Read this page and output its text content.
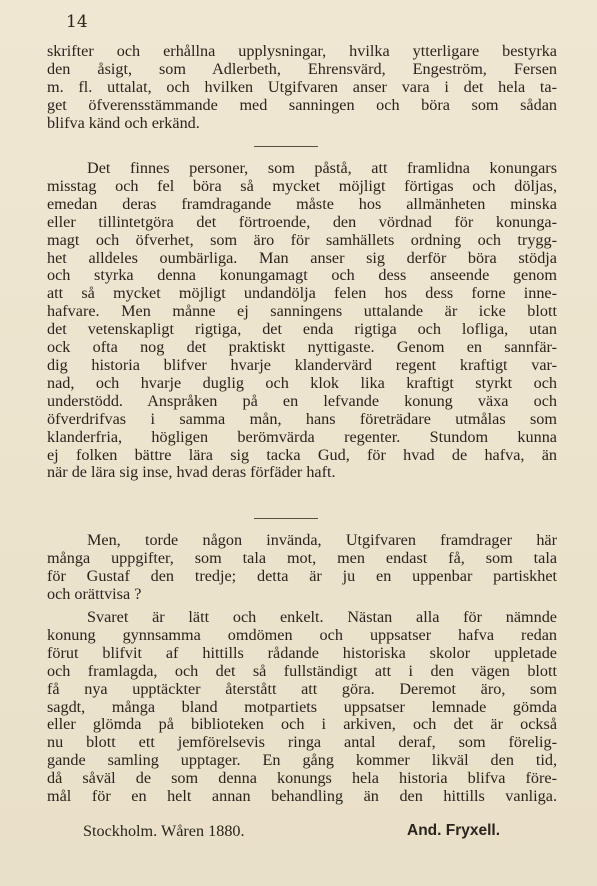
14
skrifter och erhållna upplysningar, hvilka ytterligare bestyrka
den åsigt, som Adlerbeth, Ehrensvärd, Engeström, Fersen
m. fl. uttalat, och hvilken Utgifvaren anser vara i det hela ta-
get öfverensstämmande med sanningen och böra som sådan
blifva känd och erkänd.
Det finnes personer, som påstå, att framlidna konungars
misstag och fel böra så mycket möjligt förtigas och döljas,
emedan deras framdragande måste hos allmänheten minska
eller tillintetgöra det förtroende, den vördnad för konunga-
magt och öfverhet, som äro för samhällets ordning och trygg-
het alldeles oumbärliga. Man anser sig derför böra stödja
och styrka denna konungamagt och dess anseende genom
att så mycket möjligt undandölja felen hos dess forne inne-
hafvare. Men månne ej sanningens uttalande är icke blott
det vetenskapligt rigtiga, det enda rigtiga och lofliga, utan
ock ofta nog det praktiskt nyttigaste. Genom en sannfär-
dig historia blifver hvarje klandervärd regent kraftigt var-
nad, och hvarje duglig och klok lika kraftigt styrkt och
understödd. Anspråken på en lefvande konung växa och
öfverdrifvas i samma mån, hans företrädare utmålas som
klanderfria, högligen berömvärda regenter. Stundom kunna
ej folken bättre lära sig tacka Gud, för hvad de hafva, än
när de lära sig inse, hvad deras förfäder haft.
Men, torde någon invända, Utgifvaren framdrager här
många uppgifter, som tala mot, men endast få, som tala
för Gustaf den tredje; detta är ju en uppenbar partiskhet
och orättvisa ?
Svaret är lätt och enkelt. Nästan alla för nämnde
konung gynnsamma omdömen och uppsatser hafva redan
förut blifvit af hittills rådande historiska skolor uppletade
och framlagda, och det så fullständigt att i den vägen blott
få nya upptäckter återstått att göra. Deremot äro, som
sagdt, många bland motpartiets uppsatser lemnade gömda
eller glömda på biblioteken och i arkiven, och det är också
nu blott ett jemförelsevis ringa antal deraf, som förelig-
gande samling upptager. En gång kommer likväl den tid,
då såväl de som denna konungs hela historia blifva före-
mål för en helt annan behandling än den hittills vanliga.
Stockholm. Wåren 1880.	And. Fryxell.
